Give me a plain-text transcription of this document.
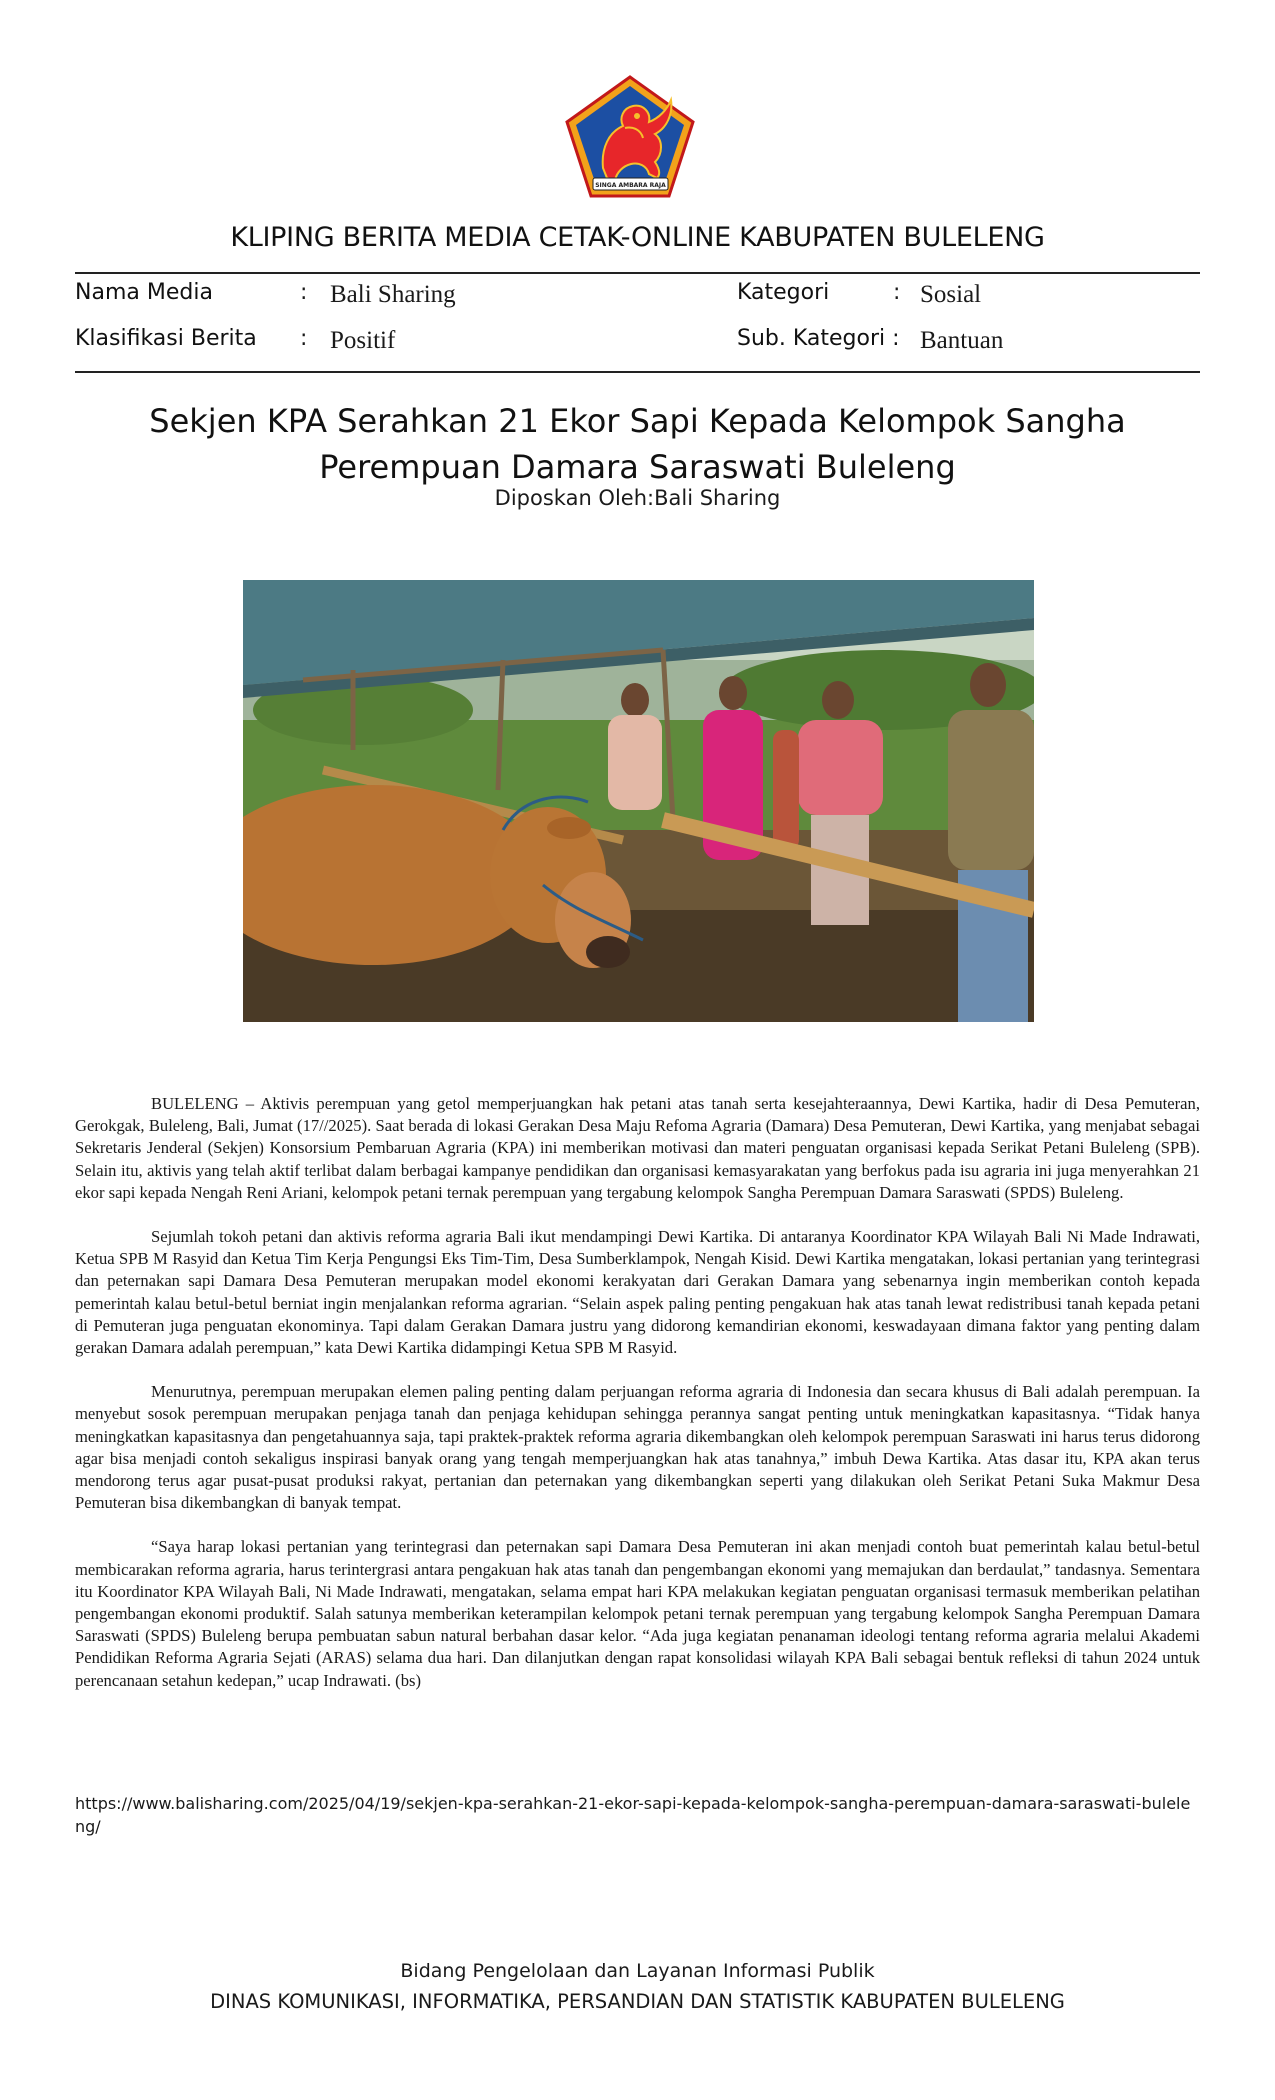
SINGA AMBARA RAJA
KLIPING BERITA MEDIA CETAK-ONLINE KABUPATEN BULELENG
Nama Media	: Bali Sharing	Kategori	: Sosial
Klasifikasi Berita : Positif	Sub. Kategori : Bantuan
Sekjen KPA Serahkan 21 Ekor Sapi Kepada Kelompok Sangha
Perempuan Damara Saraswati Buleleng
Diposkan Oleh:Bali Sharing

BULELENG – Aktivis perempuan yang getol memperjuangkan hak petani atas tanah serta kesejahteraannya, Dewi Kartika, hadir di Desa Pemuteran, Gerokgak, Buleleng, Bali, Jumat (17//2025). Saat berada di lokasi Gerakan Desa Maju Refoma Agraria (Damara) Desa Pemuteran, Dewi Kartika, yang menjabat sebagai Sekretaris Jenderal (Sekjen) Konsorsium Pembaruan Agraria (KPA) ini memberikan motivasi dan materi penguatan organisasi kepada Serikat Petani Buleleng (SPB). Selain itu, aktivis yang telah aktif terlibat dalam berbagai kampanye pendidikan dan organisasi kemasyarakatan yang berfokus pada isu agraria ini juga menyerahkan 21 ekor sapi kepada Nengah Reni Ariani, kelompok petani ternak perempuan yang tergabung kelompok Sangha Perempuan Damara Saraswati (SPDS) Buleleng.

Sejumlah tokoh petani dan aktivis reforma agraria Bali ikut mendampingi Dewi Kartika. Di antaranya Koordinator KPA Wilayah Bali Ni Made Indrawati, Ketua SPB M Rasyid dan Ketua Tim Kerja Pengungsi Eks Tim-Tim, Desa Sumberklampok, Nengah Kisid. Dewi Kartika mengatakan, lokasi pertanian yang terintegrasi dan peternakan sapi Damara Desa Pemuteran merupakan model ekonomi kerakyatan dari Gerakan Damara yang sebenarnya ingin memberikan contoh kepada pemerintah kalau betul-betul berniat ingin menjalankan reforma agrarian. “Selain aspek paling penting pengakuan hak atas tanah lewat redistribusi tanah kepada petani di Pemuteran juga penguatan ekonominya. Tapi dalam Gerakan Damara justru yang didorong kemandirian ekonomi, keswadayaan dimana faktor yang penting dalam gerakan Damara adalah perempuan,” kata Dewi Kartika didampingi Ketua SPB M Rasyid.

Menurutnya, perempuan merupakan elemen paling penting dalam perjuangan reforma agraria di Indonesia dan secara khusus di Bali adalah perempuan. Ia menyebut sosok perempuan merupakan penjaga tanah dan penjaga kehidupan sehingga perannya sangat penting untuk meningkatkan kapasitasnya. “Tidak hanya meningkatkan kapasitasnya dan pengetahuannya saja, tapi praktek-praktek reforma agraria dikembangkan oleh kelompok perempuan Saraswati ini harus terus didorong agar bisa menjadi contoh sekaligus inspirasi banyak orang yang tengah memperjuangkan hak atas tanahnya,” imbuh Dewa Kartika. Atas dasar itu, KPA akan terus mendorong terus agar pusat-pusat produksi rakyat, pertanian dan peternakan yang dikembangkan seperti yang dilakukan oleh Serikat Petani Suka Makmur Desa Pemuteran bisa dikembangkan di banyak tempat.

“Saya harap lokasi pertanian yang terintegrasi dan peternakan sapi Damara Desa Pemuteran ini akan menjadi contoh buat pemerintah kalau betul-betul membicarakan reforma agraria, harus terintergrasi antara pengakuan hak atas tanah dan pengembangan ekonomi yang memajukan dan berdaulat,” tandasnya. Sementara itu Koordinator KPA Wilayah Bali, Ni Made Indrawati, mengatakan, selama empat hari KPA melakukan kegiatan penguatan organisasi termasuk memberikan pelatihan pengembangan ekonomi produktif. Salah satunya memberikan keterampilan kelompok petani ternak perempuan yang tergabung kelompok Sangha Perempuan Damara Saraswati (SPDS) Buleleng berupa pembuatan sabun natural berbahan dasar kelor. “Ada juga kegiatan penanaman ideologi tentang reforma agraria melalui Akademi Pendidikan Reforma Agraria Sejati (ARAS) selama dua hari. Dan dilanjutkan dengan rapat konsolidasi wilayah KPA Bali sebagai bentuk refleksi di tahun 2024 untuk perencanaan setahun kedepan,” ucap Indrawati. (bs)

https://www.balisharing.com/2025/04/19/sekjen-kpa-serahkan-21-ekor-sapi-kepada-kelompok-sangha-perempuan-damara-saraswati-buleleng/
Bidang Pengelolaan dan Layanan Informasi Publik
DINAS KOMUNIKASI, INFORMATIKA, PERSANDIAN DAN STATISTIK KABUPATEN BULELENG
